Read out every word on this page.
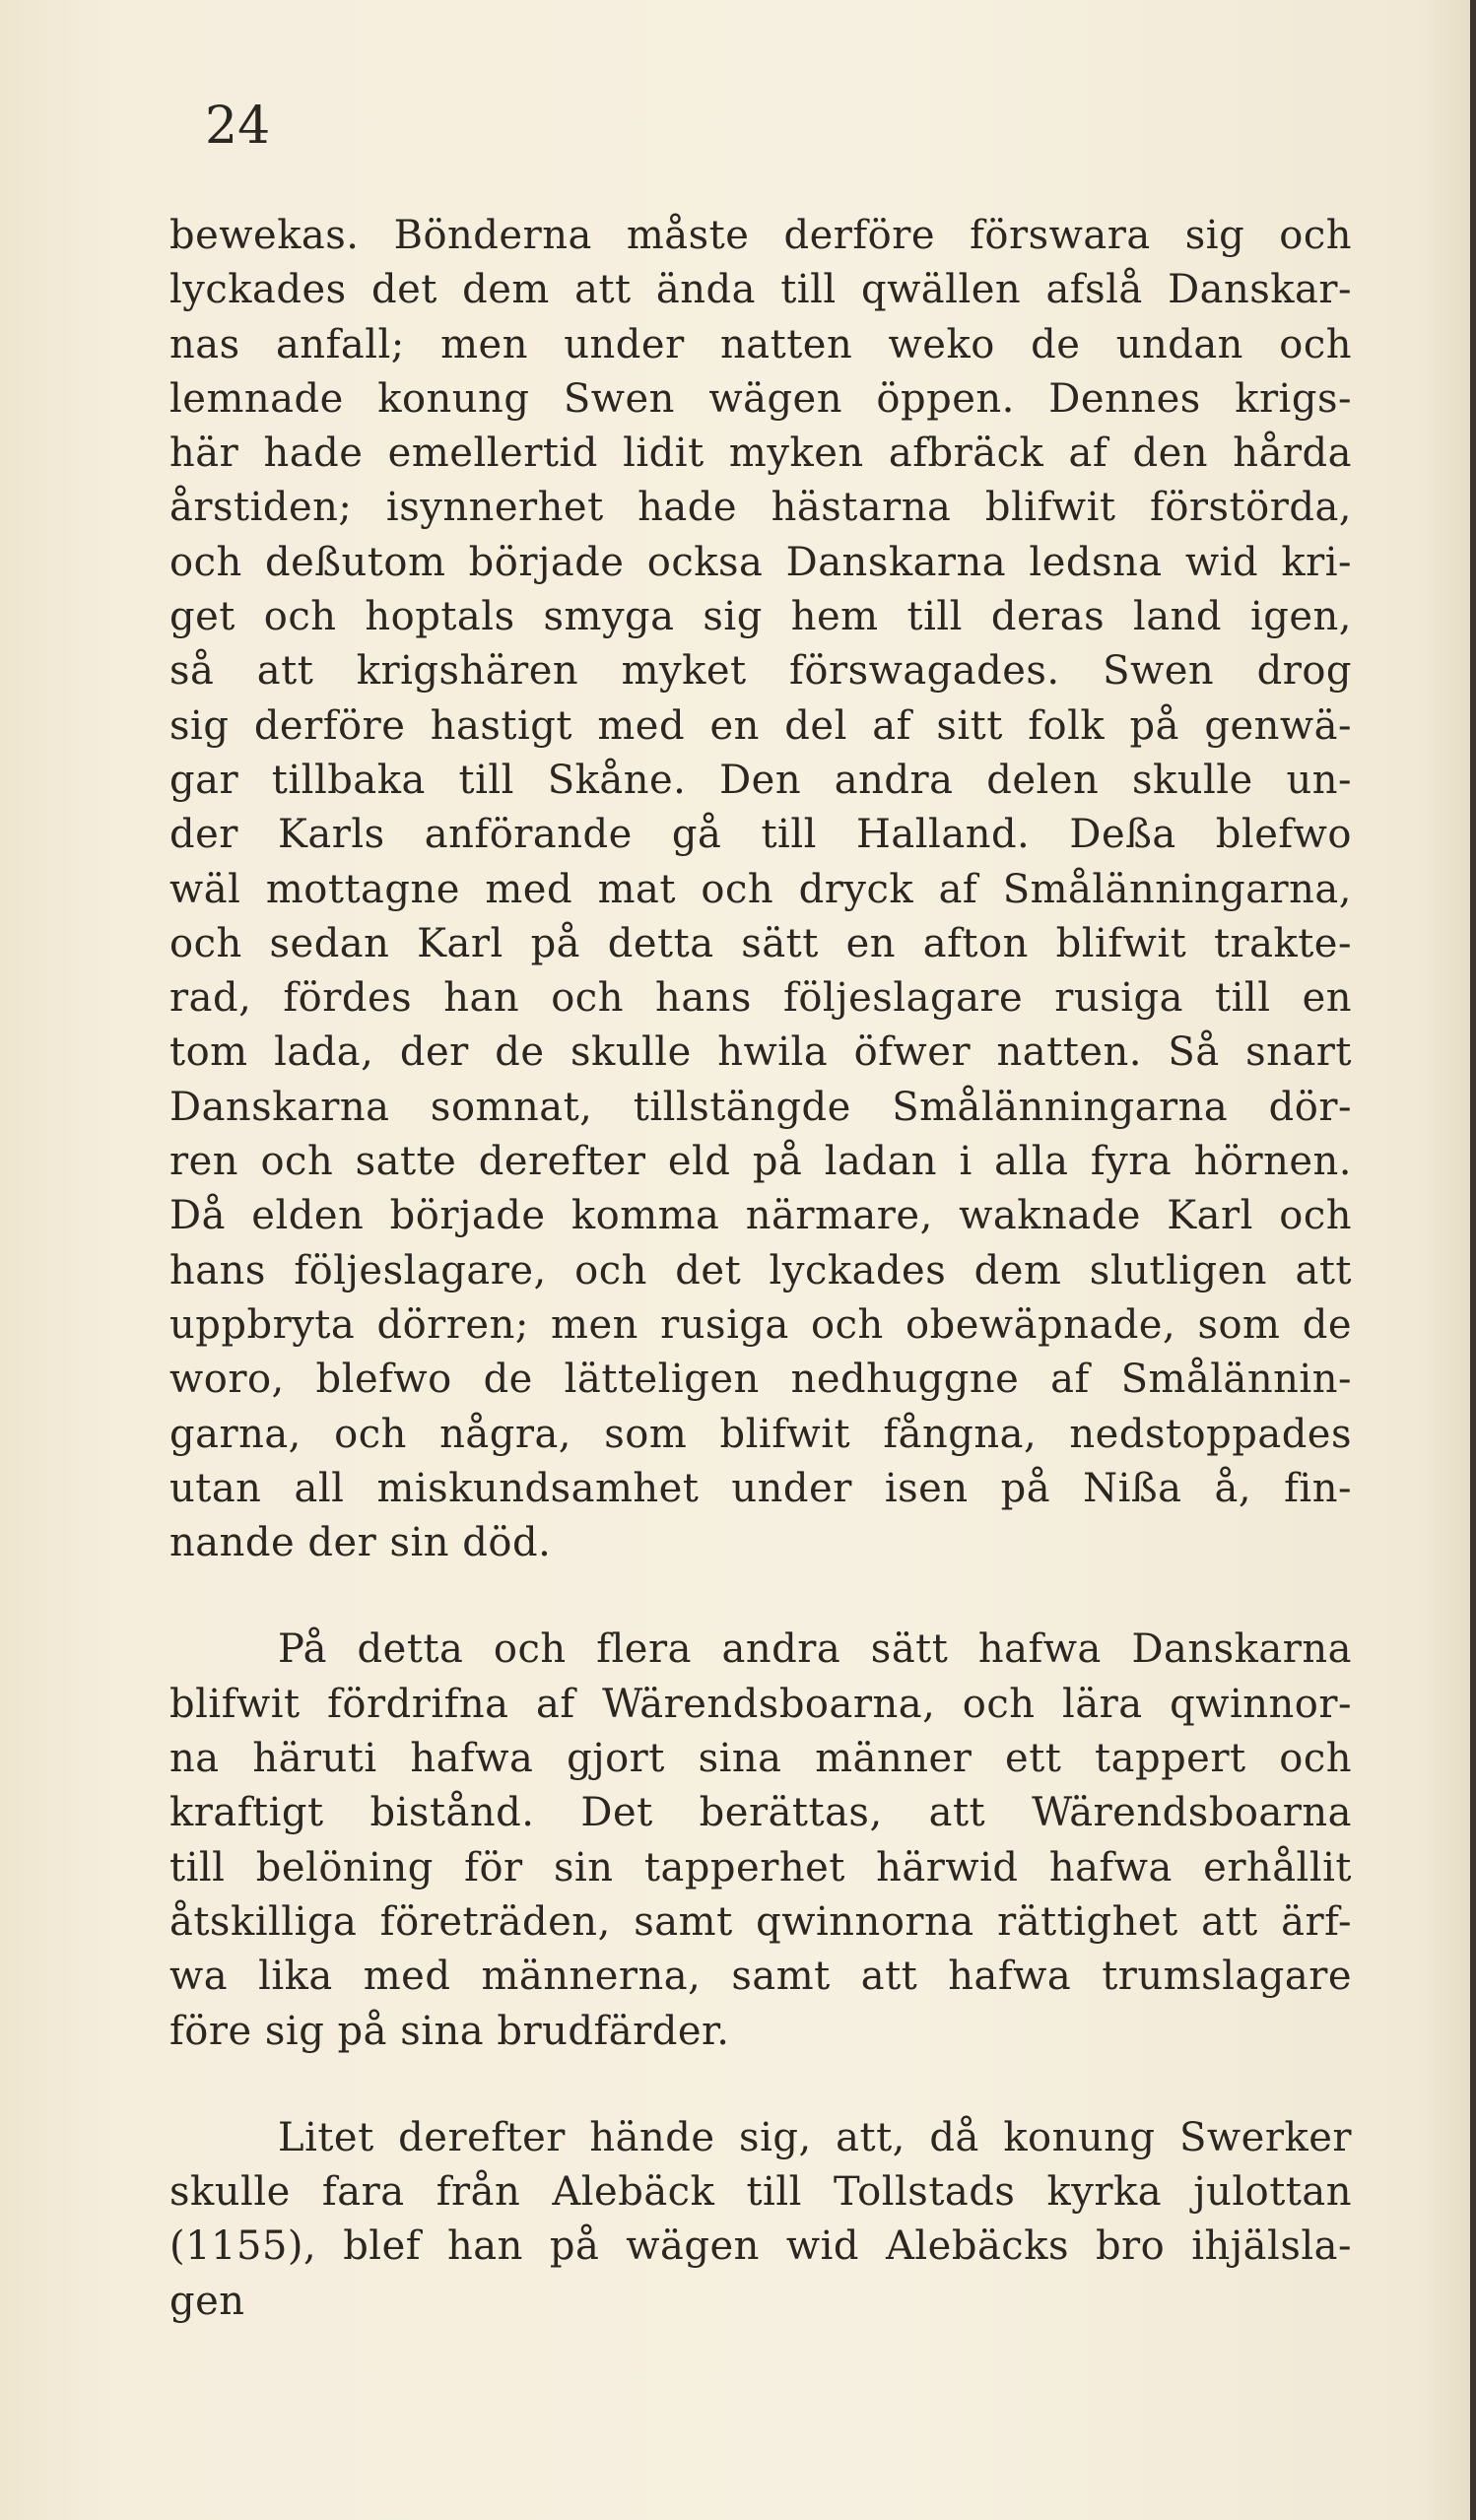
24
bewekas. Bönderna måste derföre förswara sig och
lyckades det dem att ända till qwällen afslå Danskar-
nas anfall; men under natten weko de undan och
lemnade konung Swen wägen öppen. Dennes krigs-
här hade emellertid lidit myken afbräck af den hårda
årstiden; isynnerhet hade hästarna blifwit förstörda,
och deßutom började ocksa Danskarna ledsna wid kri-
get och hoptals smyga sig hem till deras land igen,
så att krigshären myket förswagades. Swen drog
sig derföre hastigt med en del af sitt folk på genwä-
gar tillbaka till Skåne. Den andra delen skulle un-
der Karls anförande gå till Halland. Deßa blefwo
wäl mottagne med mat och dryck af Smålänningarna,
och sedan Karl på detta sätt en afton blifwit trakte-
rad, fördes han och hans följeslagare rusiga till en
tom lada, der de skulle hwila öfwer natten. Så snart
Danskarna somnat, tillstängde Smålänningarna dör-
ren och satte derefter eld på ladan i alla fyra hörnen.
Då elden började komma närmare, waknade Karl och
hans följeslagare, och det lyckades dem slutligen att
uppbryta dörren; men rusiga och obewäpnade, som de
woro, blefwo de lätteligen nedhuggne af Smålännin-
garna, och några, som blifwit fångna, nedstoppades
utan all miskundsamhet under isen på Nißa å, fin-
nande der sin död.
På detta och flera andra sätt hafwa Danskarna
blifwit fördrifna af Wärendsboarna, och lära qwinnor-
na häruti hafwa gjort sina männer ett tappert och
kraftigt bistånd. Det berättas, att Wärendsboarna
till belöning för sin tapperhet härwid hafwa erhållit
åtskilliga företräden, samt qwinnorna rättighet att ärf-
wa lika med männerna, samt att hafwa trumslagare
före sig på sina brudfärder.
Litet derefter hände sig, att, då konung Swerker
skulle fara från Alebäck till Tollstads kyrka julottan
(1155), blef han på wägen wid Alebäcks bro ihjälsla-
gen
